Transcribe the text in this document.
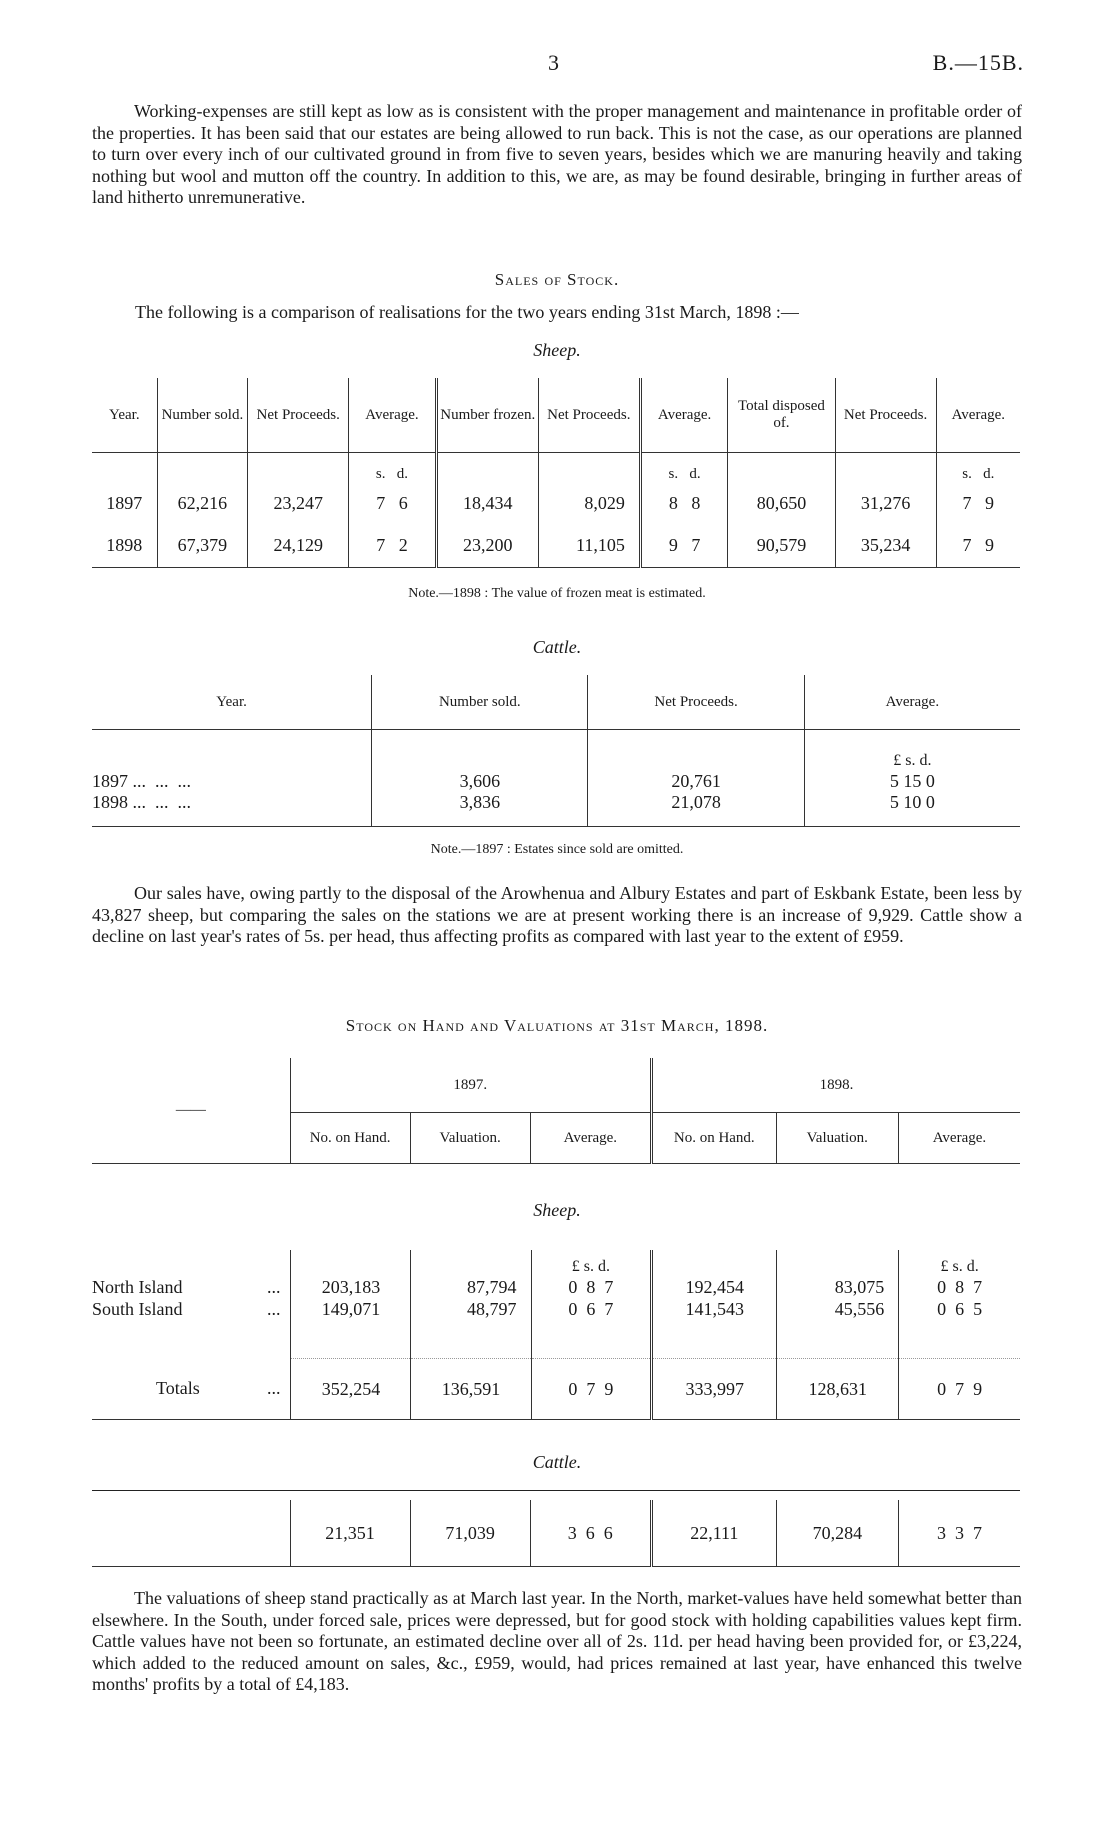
3	B.—15B.

Working-expenses are still kept as low as is consistent with the proper management and maintenance in profitable order of the properties. It has been said that our estates are being allowed to run back. This is not the case, as our operations are planned to turn over every inch of our cultivated ground in from five to seven years, besides which we are manuring heavily and taking nothing but wool and mutton off the country. In addition to this, we are, as may be found desirable, bringing in further areas of land hitherto unremunerative.

Sales of Stock.
The following is a comparison of realisations for the two years ending 31st March, 1898 :—
Sheep.
Year.	Number sold.	Net Proceeds.	Average.	Number frozen.	Net Proceeds.	Average.	Total disposed of.	Net Proceeds.	Average.
			s. d.			s. d.			s. d.
1897	62,216	23,247	7 6	18,434	8,029	8 8	80,650	31,276	7 9
1898	67,379	24,129	7 2	23,200	11,105	9 7	90,579	35,234	7 9
Note.—1898 : The value of frozen meat is estimated.
Cattle.
Year.	Number sold.	Net Proceeds.	Average.
			£ s. d.
1897 ...  ...  ...	3,606	20,761	5 15 0
1898 ...  ...  ...	3,836	21,078	5 10 0
Note.—1897 : Estates since sold are omitted.

Our sales have, owing partly to the disposal of the Arowhenua and Albury Estates and part of Eskbank Estate, been less by 43,827 sheep, but comparing the sales on the stations we are at present working there is an increase of 9,929. Cattle show a decline on last year's rates of 5s. per head, thus affecting profits as compared with last year to the extent of £959.

Stock on Hand and Valuations at 31st March, 1898.
——	1897.			1898.		
	No. on Hand.	Valuation.	Average.	No. on Hand.	Valuation.	Average.
Sheep.
			£ s. d.			£ s. d.
North Island ...	203,183	87,794	0  8  7	192,454	83,075	0  8  7
South Island ...	149,071	48,797	0  6  7	141,543	45,556	0  6  5

Totals ...	352,254	136,591	0  7  9	333,997	128,631	0  7  9
Cattle.
	21,351	71,039	3  6  6	22,111	70,284	3  3  7

The valuations of sheep stand practically as at March last year. In the North, market-values have held somewhat better than elsewhere. In the South, under forced sale, prices were depressed, but for good stock with holding capabilities values kept firm. Cattle values have not been so fortunate, an estimated decline over all of 2s. 11d. per head having been provided for, or £3,224, which added to the reduced amount on sales, &c., £959, would, had prices remained at last year, have enhanced this twelve months' profits by a total of £4,183.
